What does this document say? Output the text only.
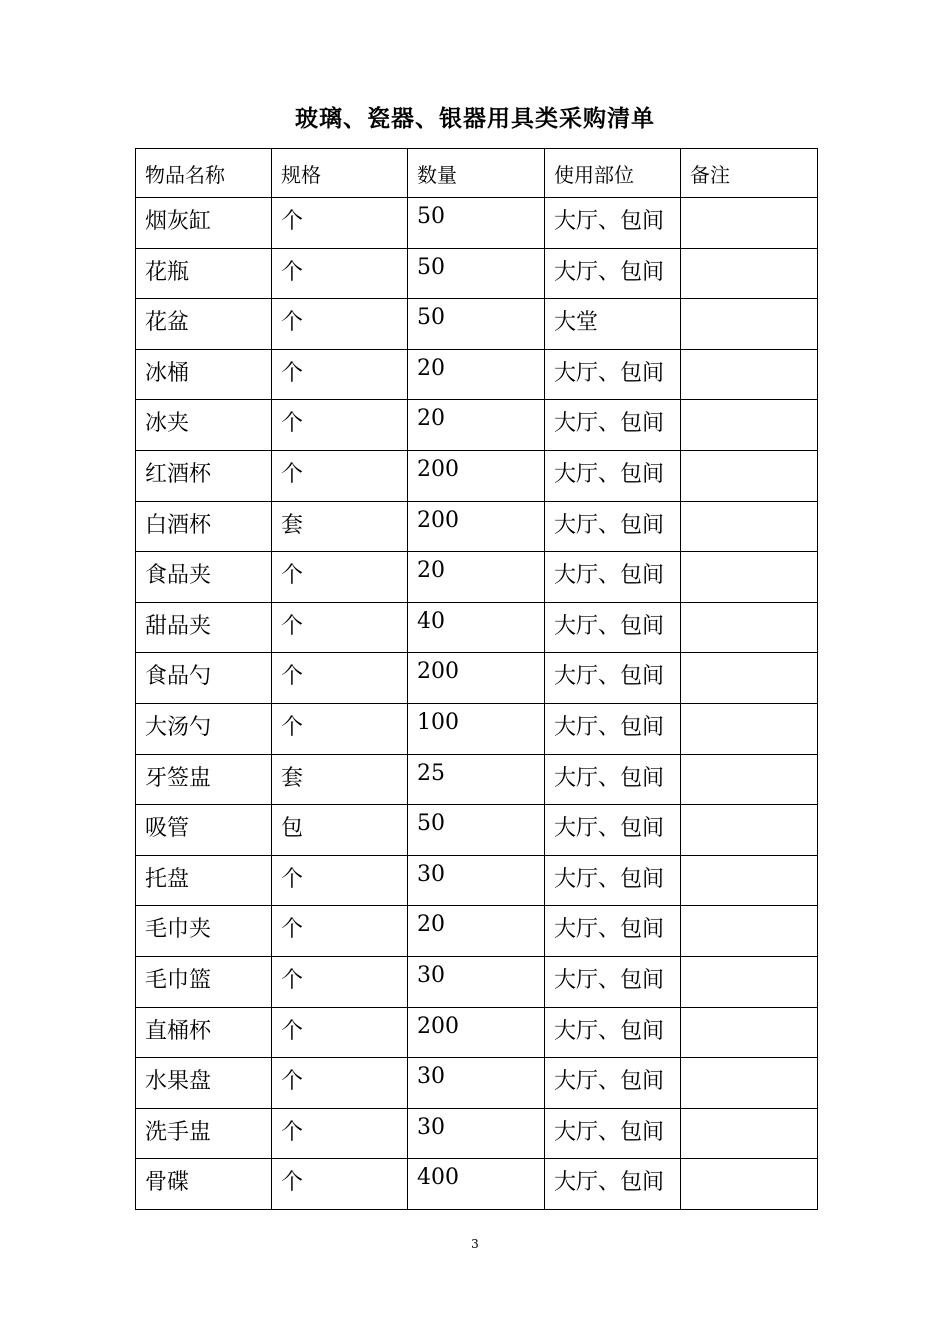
玻璃、瓷器、银器用具类采购清单
物品名称	规格	数量	使用部位	备注
烟灰缸	个	50	大厅、包间	
花瓶	个	50	大厅、包间	
花盆	个	50	大堂	
冰桶	个	20	大厅、包间	
冰夹	个	20	大厅、包间	
红酒杯	个	200	大厅、包间	
白酒杯	套	200	大厅、包间	
食品夹	个	20	大厅、包间	
甜品夹	个	40	大厅、包间	
食品勺	个	200	大厅、包间	
大汤勺	个	100	大厅、包间	
牙签盅	套	25	大厅、包间	
吸管	包	50	大厅、包间	
托盘	个	30	大厅、包间	
毛巾夹	个	20	大厅、包间	
毛巾篮	个	30	大厅、包间	
直桶杯	个	200	大厅、包间	
水果盘	个	30	大厅、包间	
洗手盅	个	30	大厅、包间	
骨碟	个	400	大厅、包间	
3
